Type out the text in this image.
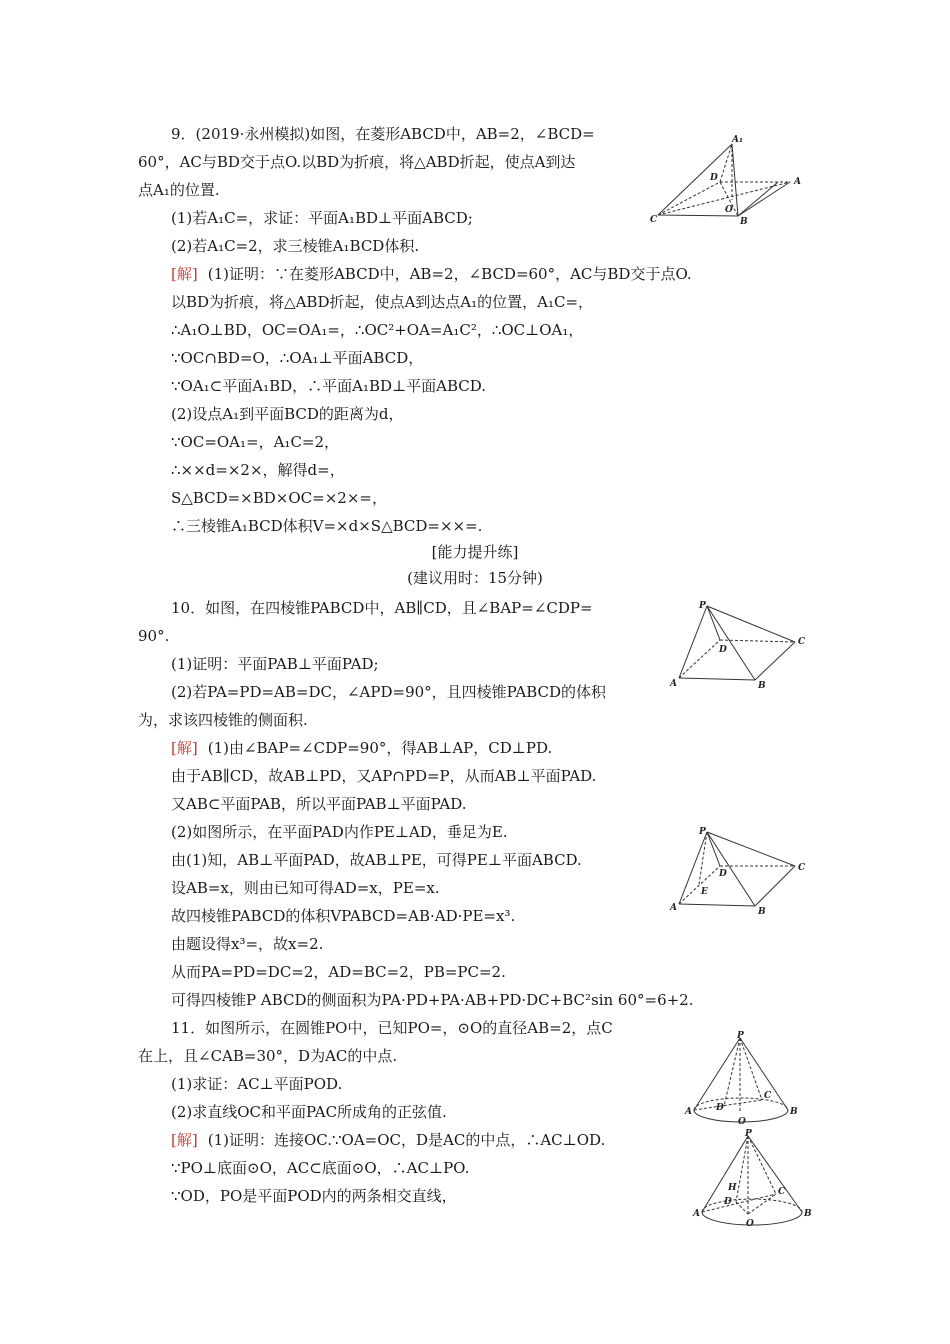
9．(2019·永州模拟)如图，在菱形ABCD中，AB=2，∠BCD=
60°，AC与BD交于点O.以BD为折痕，将△ABD折起，使点A到达
点A₁的位置.
(1)若A₁C=，求证：平面A₁BD⊥平面ABCD;
(2)若A₁C=2，求三棱锥A₁BCD体积.
[解] (1)证明：∵在菱形ABCD中，AB=2，∠BCD=60°，AC与BD交于点O.
以BD为折痕，将△ABD折起，使点A到达点A₁的位置，A₁C=，
∴A₁O⊥BD，OC=OA₁=，∴OC²+OA=A₁C²，∴OC⊥OA₁，
∵OC∩BD=O，∴OA₁⊥平面ABCD，
∵OA₁⊂平面A₁BD，∴平面A₁BD⊥平面ABCD.
(2)设点A₁到平面BCD的距离为d，
∵OC=OA₁=，A₁C=2，
∴××d=×2×，解得d=，
S△BCD=×BD×OC=×2×=，
∴三棱锥A₁BCD体积V=×d×S△BCD=××=.
[能力提升练]
(建议用时：15分钟)
10．如图，在四棱锥PABCD中，AB∥CD，且∠BAP=∠CDP=
90°.
(1)证明：平面PAB⊥平面PAD;
(2)若PA=PD=AB=DC，∠APD=90°，且四棱锥PABCD的体积
为，求该四棱锥的侧面积.
[解] (1)由∠BAP=∠CDP=90°，得AB⊥AP，CD⊥PD.
由于AB∥CD，故AB⊥PD，又AP∩PD=P，从而AB⊥平面PAD.
又AB⊂平面PAB，所以平面PAB⊥平面PAD.
(2)如图所示，在平面PAD内作PE⊥AD，垂足为E.
由(1)知，AB⊥平面PAD，故AB⊥PE，可得PE⊥平面ABCD.
设AB=x，则由已知可得AD=x，PE=x.
故四棱锥PABCD的体积VPABCD=AB·AD·PE=x³.
由题设得x³=，故x=2.
从而PA=PD=DC=2，AD=BC=2，PB=PC=2.
可得四棱锥P ABCD的侧面积为PA·PD+PA·AB+PD·DC+BC²sin 60°=6+2.
11．如图所示，在圆锥PO中，已知PO=，⊙O的直径AB=2，点C
在上，且∠CAB=30°，D为AC的中点.
(1)求证：AC⊥平面POD.
(2)求直线OC和平面PAC所成角的正弦值.
[解] (1)证明：连接OC.∵OA=OC，D是AC的中点，∴AC⊥OD.
∵PO⊥底面⊙O，AC⊂底面⊙O，∴AC⊥PO.
∵OD，PO是平面POD内的两条相交直线，
A₁
D	A
O
C	B
P
C
D
A	B
P
C
D
E
A	B
P
A	D
C
O
B
P
H
D
C
A
O
B
